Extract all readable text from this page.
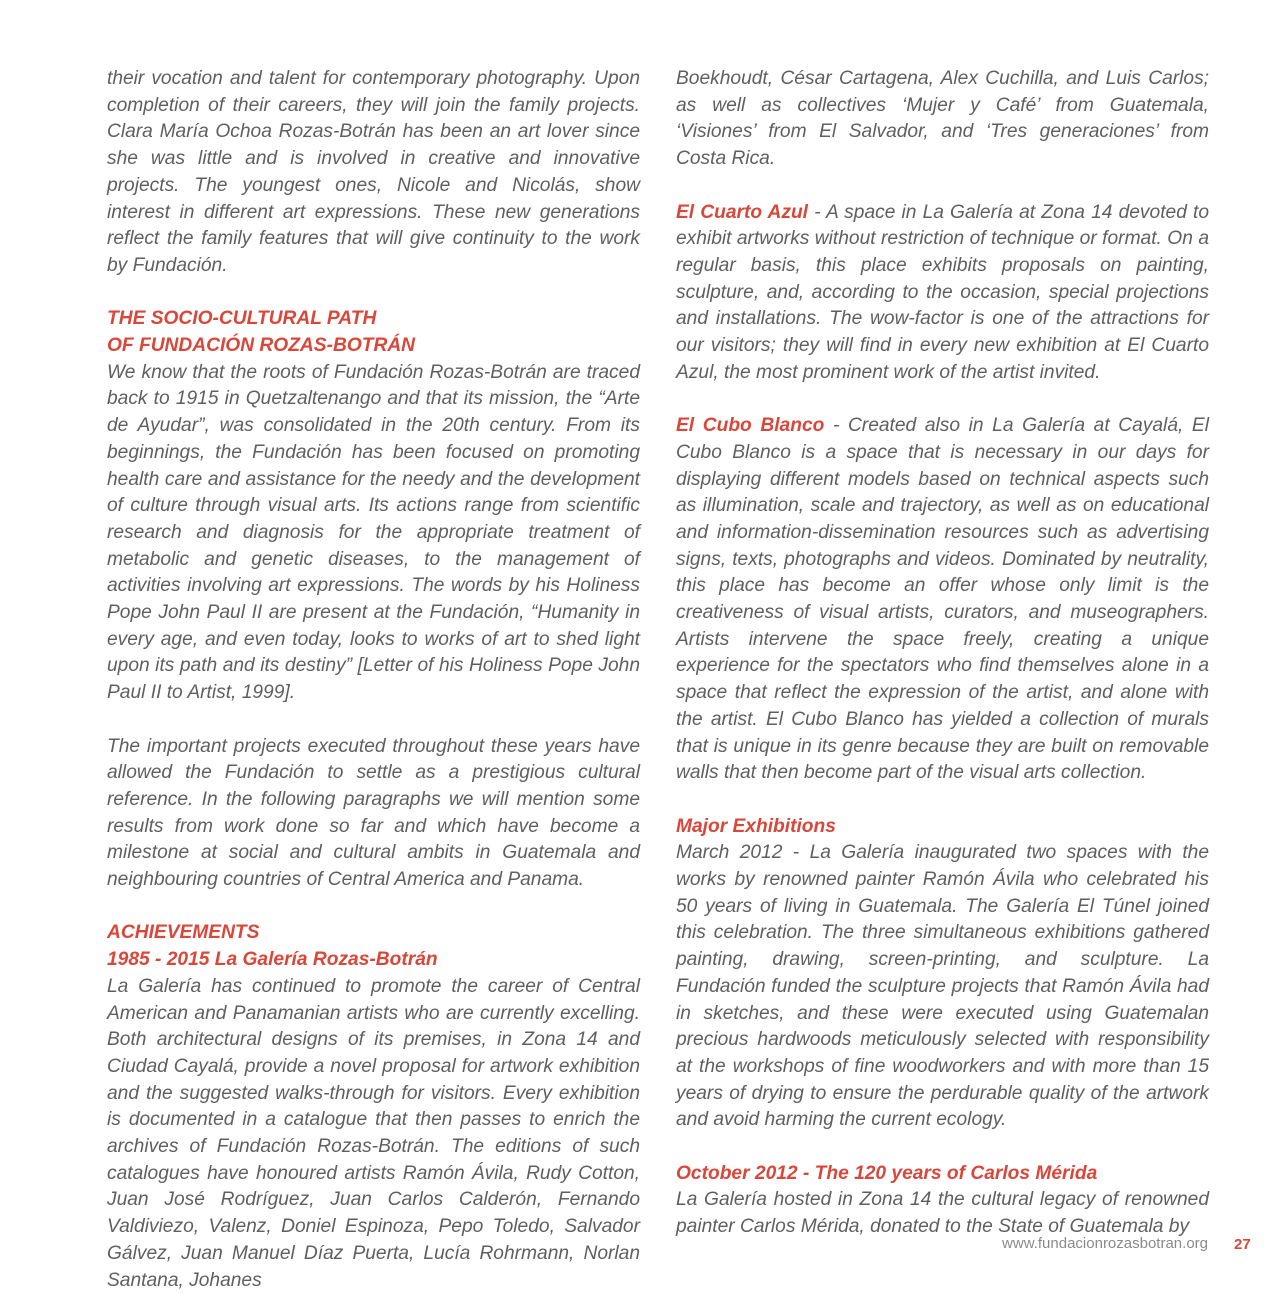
their vocation and talent for contemporary photography. Upon completion of their careers, they will join the family projects. Clara María Ochoa Rozas-Botrán has been an art lover since she was little and is involved in creative and innovative projects. The youngest ones, Nicole and Nicolás, show interest in different art expressions. These new generations reflect the family features that will give continuity to the work by Fundación.

THE SOCIO-CULTURAL PATH
OF FUNDACIÓN ROZAS-BOTRÁN

We know that the roots of Fundación Rozas-Botrán are traced back to 1915 in Quetzaltenango and that its mission, the “Arte de Ayudar”, was consolidated in the 20th century. From its beginnings, the Fundación has been focused on promoting health care and assistance for the needy and the development of culture through visual arts. Its actions range from scientific research and diagnosis for the appropriate treatment of metabolic and genetic diseases, to the management of activities involving art expressions. The words by his Holiness Pope John Paul II are present at the Fundación, “Humanity in every age, and even today, looks to works of art to shed light upon its path and its destiny” [Letter of his Holiness Pope John Paul II to Artist, 1999].

The important projects executed throughout these years have allowed the Fundación to settle as a prestigious cultural reference. In the following paragraphs we will mention some results from work done so far and which have become a milestone at social and cultural ambits in Guatemala and neighbouring countries of Central America and Panama.

ACHIEVEMENTS
1985 - 2015 La Galería Rozas-Botrán

La Galería has continued to promote the career of Central American and Panamanian artists who are currently excelling. Both architectural designs of its premises, in Zona 14 and Ciudad Cayalá, provide a novel proposal for artwork exhibition and the suggested walks-through for visitors. Every exhibition is documented in a catalogue that then passes to enrich the archives of Fundación Rozas-Botrán. The editions of such catalogues have honoured artists Ramón Ávila, Rudy Cotton, Juan José Rodríguez, Juan Carlos Calderón, Fernando Valdiviezo, Valenz, Doniel Espinoza, Pepo Toledo, Salvador Gálvez, Juan Manuel Díaz Puerta, Lucía Rohrmann, Norlan Santana, Johanes

Boekhoudt, César Cartagena, Alex Cuchilla, and Luis Carlos; as well as collectives ‘Mujer y Café’ from Guatemala, ‘Visiones’ from El Salvador, and ‘Tres generaciones’ from Costa Rica.

El Cuarto Azul - A space in La Galería at Zona 14 devoted to exhibit artworks without restriction of technique or format. On a regular basis, this place exhibits proposals on painting, sculpture, and, according to the occasion, special projections and installations. The wow-factor is one of the attractions for our visitors; they will find in every new exhibition at El Cuarto Azul, the most prominent work of the artist invited.

El Cubo Blanco - Created also in La Galería at Cayalá, El Cubo Blanco is a space that is necessary in our days for displaying different models based on technical aspects such as illumination, scale and trajectory, as well as on educational and information-dissemination resources such as advertising signs, texts, photographs and videos. Dominated by neutrality, this place has become an offer whose only limit is the creativeness of visual artists, curators, and museographers. Artists intervene the space freely, creating a unique experience for the spectators who find themselves alone in a space that reflect the expression of the artist, and alone with the artist. El Cubo Blanco has yielded a collection of murals that is unique in its genre because they are built on removable walls that then become part of the visual arts collection.

Major Exhibitions

March 2012 - La Galería inaugurated two spaces with the works by renowned painter Ramón Ávila who celebrated his 50 years of living in Guatemala. The Galería El Túnel joined this celebration. The three simultaneous exhibitions gathered painting, drawing, screen-printing, and sculpture. La Fundación funded the sculpture projects that Ramón Ávila had in sketches, and these were executed using Guatemalan precious hardwoods meticulously selected with responsibility at the workshops of fine woodworkers and with more than 15 years of drying to ensure the perdurable quality of the artwork and avoid harming the current ecology.

October 2012 - The 120 years of Carlos Mérida

La Galería hosted in Zona 14 the cultural legacy of renowned painter Carlos Mérida, donated to the State of Guatemala by

www.fundacionrozasbotran.org 27
